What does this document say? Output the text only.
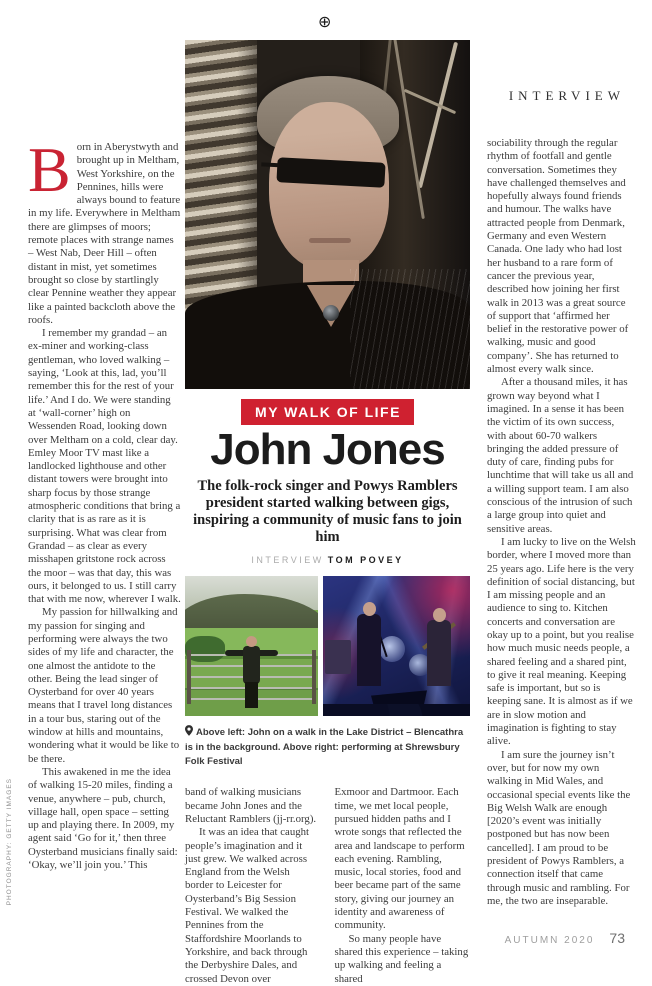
⊕
INTERVIEW
PHOTOGRAPHY: GETTY IMAGES

Born in Aberystwyth and brought up in Meltham, West Yorkshire, on the Pennines, hills were always bound to feature in my life. Everywhere in Meltham there are glimpses of moors; remote places with strange names – West Nab, Deer Hill – often distant in mist, yet sometimes brought so close by startlingly clear Pennine weather they appear like a painted backcloth above the roofs.

I remember my grandad – an ex-miner and working-class gentleman, who loved walking – saying, ‘Look at this, lad, you’ll remember this for the rest of your life.’ And I do. We were standing at ‘wall-corner’ high on Wessenden Road, looking down over Meltham on a cold, clear day. Emley Moor TV mast like a landlocked lighthouse and other distant towers were brought into sharp focus by those strange atmospheric conditions that bring a clarity that is as rare as it is surprising. What was clear from Grandad – as clear as every misshapen gritstone rock across the moor – was that day, this was ours, it belonged to us. I still carry that with me now, wherever I walk.

My passion for hillwalking and my passion for singing and performing were always the two sides of my life and character, the one almost the antidote to the other. Being the lead singer of Oysterband for over 40 years means that I travel long distances in a tour bus, staring out of the window at hills and mountains, wondering what it would be like to be there.

This awakened in me the idea of walking 15-20 miles, finding a venue, anywhere – pub, church, village hall, open space – setting up and playing there. In 2009, my agent said ‘Go for it,’ then three Oysterband musicians finally said: ‘Okay, we’ll join you.’ This

MY WALK OF LIFE
John Jones

The folk-rock singer and Powys Ramblers president started walking between gigs, inspiring a community of music fans to join him

INTERVIEW TOM POVEY

Above left: John on a walk in the Lake District – Blencathra is in the background. Above right: performing at Shrewsbury Folk Festival

band of walking musicians became John Jones and the Reluctant Ramblers (jj-rr.org).

It was an idea that caught people’s imagination and it just grew. We walked across England from the Welsh border to Leicester for Oysterband’s Big Session Festival. We walked the Pennines from the Staffordshire Moorlands to Yorkshire, and back through the Derbyshire Dales, and crossed Devon over

Exmoor and Dartmoor. Each time, we met local people, pursued hidden paths and I wrote songs that reflected the area and landscape to perform each evening. Rambling, music, local stories, food and beer became part of the same story, giving our journey an identity and awareness of community.

So many people have shared this experience – taking up walking and feeling a shared

sociability through the regular rhythm of footfall and gentle conversation. Sometimes they have challenged themselves and hopefully always found friends and humour. The walks have attracted people from Denmark, Germany and even Western Canada. One lady who had lost her husband to a rare form of cancer the previous year, described how joining her first walk in 2013 was a great source of support that ‘affirmed her belief in the restorative power of walking, music and good company’. She has returned to almost every walk since.

After a thousand miles, it has grown way beyond what I imagined. In a sense it has been the victim of its own success, with about 60-70 walkers bringing the added pressure of duty of care, finding pubs for lunchtime that will take us all and a willing support team. I am also conscious of the intrusion of such a large group into quiet and sensitive areas.

I am lucky to live on the Welsh border, where I moved more than 25 years ago. Life here is the very definition of social distancing, but I am missing people and an audience to sing to. Kitchen concerts and conversation are okay up to a point, but you realise how much music needs people, a shared feeling and a shared pint, to give it real meaning. Keeping safe is important, but so is keeping sane. It is almost as if we are in slow motion and imagination is fighting to stay alive.

I am sure the journey isn’t over, but for now my own walking in Mid Wales, and occasional special events like the Big Welsh Walk are enough [2020’s event was initially postponed but has now been cancelled]. I am proud to be president of Powys Ramblers, a connection itself that came through music and rambling. For me, the two are inseparable.

AUTUMN 2020 73
